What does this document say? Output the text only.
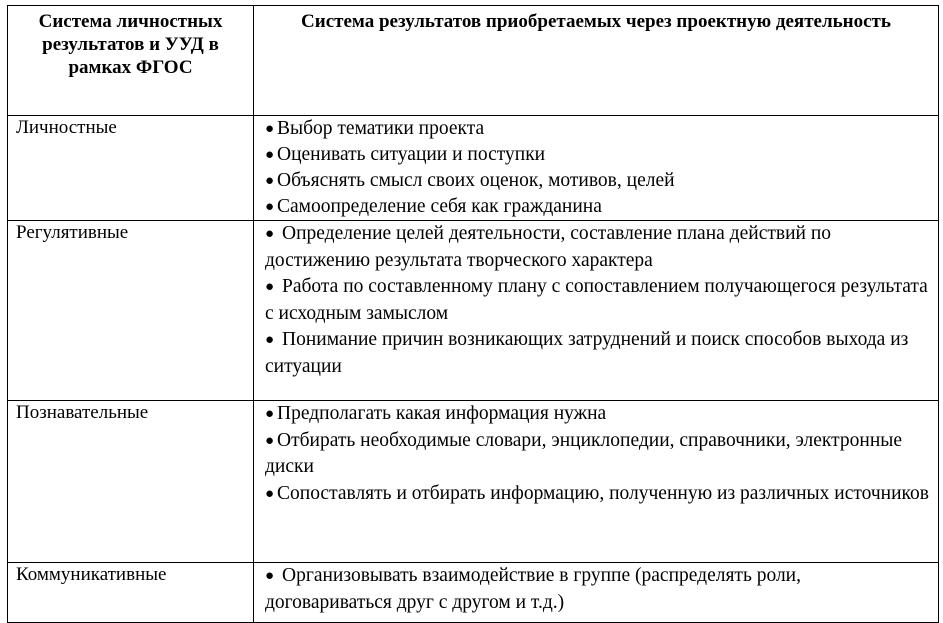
Система личностных результатов и УУД в рамках ФГОС	Система результатов приобретаемых через проектную деятельность
Личностные	● Выбор тематики проекта
● Оценивать ситуации и поступки
● Объяснять смысл своих оценок, мотивов, целей
● Самоопределение себя как гражданина

Регулятивные	● Определение целей деятельности, составление плана действий по достижению результата творческого характера
● Работа по составленному плану с сопоставлением получающегося результата с исходным замыслом
● Понимание причин возникающих затруднений и поиск способов выхода из ситуации

Познавательные	● Предполагать какая информация нужна
● Отбирать необходимые словари, энциклопедии, справочники, электронные диски
● Сопоставлять и отбирать информацию, полученную из различных источников

Коммуникативные	● Организовывать взаимодействие в группе (распределять роли, договариваться друг с другом и т.д.)
